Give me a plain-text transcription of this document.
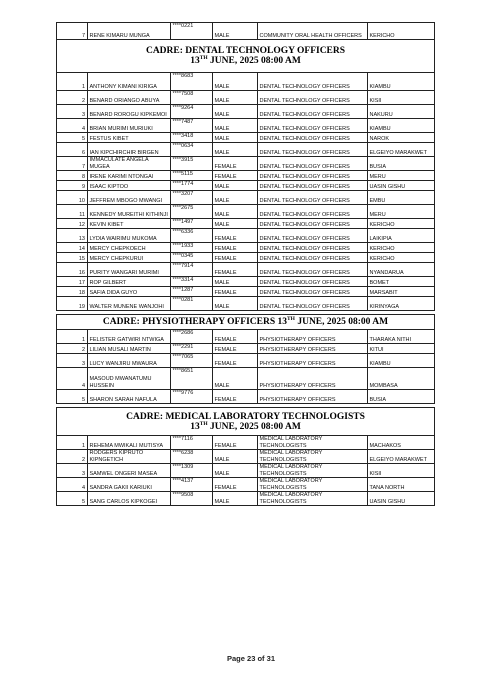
7	RENE KIMARU MUNGA	****0221	MALE	COMMUNITY ORAL HEALTH OFFICERS	KERICHO
CADRE: DENTAL TECHNOLOGY OFFICERS
13TH JUNE, 2025 08:00 AM					
1	ANTHONY KIMANI KIRIGA	****8683	MALE	DENTAL TECHNOLOGY OFFICERS	KIAMBU
2	BENARD ORIANGO ABUYA	****7508	MALE	DENTAL TECHNOLOGY OFFICERS	KISII
3	BENARD ROROGU KIPKEMOI	****9264	MALE	DENTAL TECHNOLOGY OFFICERS	NAKURU
4	BRIAN MURIMI MURIUKI	****7487	MALE	DENTAL TECHNOLOGY OFFICERS	KIAMBU
5	FESTUS KIBET	****3418	MALE	DENTAL TECHNOLOGY OFFICERS	NAROK
6	IAN KIPCHIRCHIR BIRGEN	****0634	MALE	DENTAL TECHNOLOGY OFFICERS	ELGEIYO MARAKWET
7	IMMACULATE ANGELA MUGEA	****3915	FEMALE	DENTAL TECHNOLOGY OFFICERS	BUSIA
8	IRENE KARIMI NTONGAI	****5115	FEMALE	DENTAL TECHNOLOGY OFFICERS	MERU
9	ISAAC KIPTOO	****1774	MALE	DENTAL TECHNOLOGY OFFICERS	UASIN GISHU
10	JEFFREM MBOGO MWANGI	****3207	MALE	DENTAL TECHNOLOGY OFFICERS	EMBU
11	KENNEDY MUREITHI KITHINJI	****2675	MALE	DENTAL TECHNOLOGY OFFICERS	MERU
12	KEVIN KIBET	****1497	MALE	DENTAL TECHNOLOGY OFFICERS	KERICHO
13	LYDIA WAIRIMU MUKOMA	****6336	FEMALE	DENTAL TECHNOLOGY OFFICERS	LAIKIPIA
14	MERCY CHEPKOECH	****1933	FEMALE	DENTAL TECHNOLOGY OFFICERS	KERICHO
15	MERCY CHEPKURUI	****0345	FEMALE	DENTAL TECHNOLOGY OFFICERS	KERICHO
16	PURITY WANGARI MURIMI	****7914	FEMALE	DENTAL TECHNOLOGY OFFICERS	NYANDARUA
17	ROP GILBERT	****3314	MALE	DENTAL TECHNOLOGY OFFICERS	BOMET
18	SAFIA DIDA GUYO	****1287	FEMALE	DENTAL TECHNOLOGY OFFICERS	MARSABIT
19	WALTER MUNENE WANJOHI	****0281	MALE	DENTAL TECHNOLOGY OFFICERS	KIRINYAGA

CADRE: PHYSIOTHERAPY OFFICERS 13TH JUNE, 2025 08:00 AM					
1	FELISTER GATWIRI NTWIGA	****2686	FEMALE	PHYSIOTHERAPY OFFICERS	THARAKA NITHI
2	LILIAN MUSALI MARTIN	****2291	FEMALE	PHYSIOTHERAPY OFFICERS	KITUI
3	LUCY WANJIRU MWAURA	****7065	FEMALE	PHYSIOTHERAPY OFFICERS	KIAMBU
4	MASOUD MWANATUMU HUSSEIN	****8651	MALE	PHYSIOTHERAPY OFFICERS	MOMBASA
5	SHARON SARAH NAFULA	****9776	FEMALE	PHYSIOTHERAPY OFFICERS	BUSIA

CADRE: MEDICAL LABORATORY TECHNOLOGISTS
13TH JUNE, 2025 08:00 AM					
1	REHEMA MWIKALI MUTISYA	****7116	FEMALE	MEDICAL LABORATORY TECHNOLOGISTS	MACHAKOS
2	RODGERS KIPRUTO KIPNGETICH	****6238	MALE	MEDICAL LABORATORY TECHNOLOGISTS	ELGEIYO MARAKWET
3	SAMWEL ONGERI MASEA	****1309	MALE	MEDICAL LABORATORY TECHNOLOGISTS	KISII
4	SANDRA GAKII KARIUKI	****4137	FEMALE	MEDICAL LABORATORY TECHNOLOGISTS	TANA NORTH
5	SANG CARLOS KIPKOGEI	****9508	MALE	MEDICAL LABORATORY TECHNOLOGISTS	UASIN GISHU
Page 23 of 31
